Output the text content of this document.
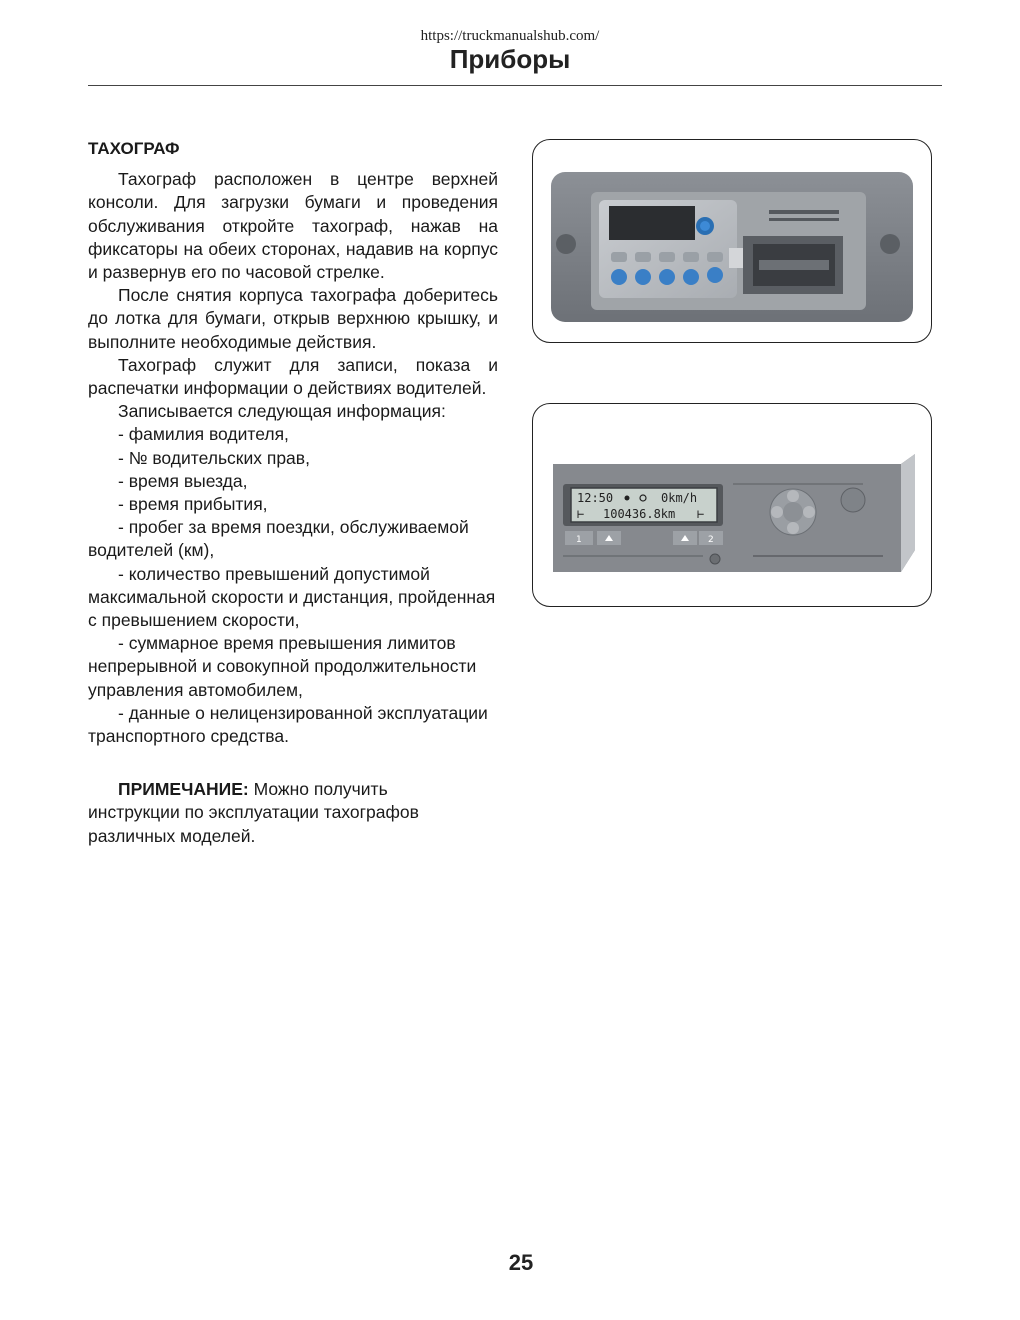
https://truckmanualshub.com/
Приборы
ТАХОГРАФ

Тахограф расположен в центре верхней консоли. Для загрузки бумаги и проведения обслуживания откройте тахограф, нажав на фиксаторы на обеих сторонах, надавив на корпус и развернув его по часовой стрелке.

После снятия корпуса тахографа доберитесь до лотка для бумаги, открыв верхнюю крышку, и выполните необходимые действия.

Тахограф служит для записи, показа и распечатки информации о действиях водителей.

Записывается следующая информация:

- фамилия водителя,

- № водительских прав,

- время выезда,

- время прибытия,

- пробег за время поездки, обслуживаемой водителей (км),

- количество превышений допустимой максимальной скорости и дистанция, пройденная с превышением скорости,

- суммарное время превышения лимитов непрерывной и совокупной продолжительности управления автомобилем,

- данные о нелицензированной эксплуатации транспортного средства.

ПРИМЕЧАНИЕ: Можно получить инструкции по эксплуатации тахографов различных моделей.

12:50	0km/h
⊢ 100436.8km ⊢
1	2
25
